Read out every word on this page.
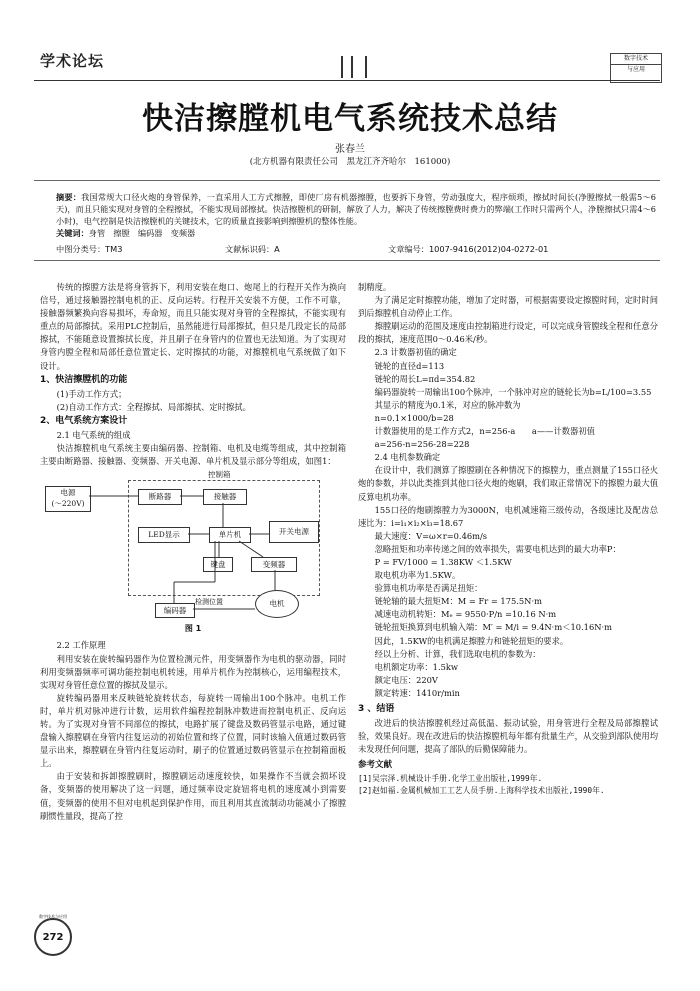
学术论坛	数字技术
与应用
快洁擦膛机电气系统技术总结
张春兰
(北方机器有限责任公司　黑龙江齐齐哈尔　161000)
摘要：我国常规大口径火炮的身管保养，一直采用人工方式擦膛，即使厂房有机器擦膛，也要拆下身管，劳动强度大，程序烦琐，擦拭时间长(净膛擦拭一般需5～6天)，而且只能实现对身管的全程擦拭，不能实现局部擦拭。快洁擦膛机的研制，解放了人力，解决了传统擦膛费时费力的弊端(工作时只需两个人，净膛擦拭只需4～6小时)，电气控制是快洁擦膛机的关键技术，它的质量直接影响到擦膛机的整体性能。
关键词：身管　擦膛　编码器　变频器
中图分类号：TM3	文献标识码：A	文章编号：1007-9416(2012)04-0272-01

传统的擦膛方法是将身管拆下，利用安装在炮口、炮尾上的行程开关作为换向信号，通过接触器控制电机的正、反向运转。行程开关安装不方便，工作不可靠，接触器频繁换向容易损坏，寿命短，而且只能实现对身管的全程擦拭，不能实现有重点的局部擦拭。采用PLC控制后，虽然能进行局部擦拭，但只是几段定长的局部擦拭，不能随意设置擦拭长度，并且刷子在身管内的位置也无法知道。为了实现对身管内膛全程和局部任意位置定长、定时擦拭的功能，对擦膛机电气系统做了如下设计。

1、快洁擦膛机的功能

(1)手动工作方式；

(2)自动工作方式：全程擦拭、局部擦拭、定时擦拭。

2、电气系统方案设计

2.1 电气系统的组成

快洁擦膛机电气系统主要由编码器、控制箱、电机及电缆等组成，其中控制箱主要由断路器、接触器、变频器、开关电源、单片机及显示部分等组成，如图1：

控制箱
电源
(～220V)
断路器	接触器
LED显示	单片机	开关电源
键盘	变频器
编码器
检测位置	电机
图 1

2.2 工作原理

利用安装在旋转编码器作为位置检测元件，用变频器作为电机的驱动器，同时利用变频器频率可调功能控制电机转速，用单片机作为控制核心，运用编程技术，实现对身管任意位置的擦拭及显示。

旋转编码器用来反映链轮旋转状态，每旋转一周输出100个脉冲。电机工作时，单片机对脉冲进行计数，运用软件编程控制脉冲数进而控制电机正、反向运转。为了实现对身管不同部位的擦拭，电路扩展了键盘及数码管显示电路，通过键盘输入擦膛刷在身管内往复运动的初始位置和终了位置，同时该输入值通过数码管显示出来，擦膛刷在身管内往复运动时，刷子的位置通过数码管显示在控制箱面板上。

由于安装和拆卸擦膛刷时，擦膛刷运动速度较快，如果操作不当就会损坏设备，变频器的使用解决了这一问题，通过频率设定旋钮将电机的速度减小到需要值，变频器的使用不但对电机起到保护作用，而且利用其直流制动功能减小了擦膛刷惯性量段，提高了控

制精度。

为了满足定时擦膛功能，增加了定时器，可根据需要设定擦膛时间，定时时间到后擦膛机自动停止工作。

擦膛刷运动的范围及速度由控制箱进行设定，可以完成身管膛线全程和任意分段的擦拭，速度范围0～0.46米/秒。

2.3 计数器初值的确定

链轮的直径d=113

链轮的周长L=πd=354.82

编码器旋转一周输出100个脉冲，一个脉冲对应的链轮长为b=L/100=3.55

其显示的精度为0.1米，对应的脉冲数为

n=0.1×1000/b=28

计数器使用的是工作方式2，n=256-a　　a——计数器初值

a=256-n=256-28=228

2.4 电机参数确定

在设计中，我们测算了擦膛刷在各种情况下的擦膛力，重点测量了155口径火炮的参数，并以此类推到其他口径火炮的炮刷，我们取正常情况下的擦膛力最大值反算电机功率。

155口径的炮刷擦膛力为3000N，电机减速箱三级传动，各级速比及配齿总速比为：i=i₁×i₂×i₃=18.67

最大速度：V=ω×r=0.46m/s

忽略扭矩和功率传递之间的效率损失，需要电机达到的最大功率P：

P = FV/1000 = 1.38KW ＜1.5KW

取电机功率为1.5KW。

验算电机功率是否满足扭矩：

链轮轴的最大扭矩M：M = Fr = 175.5N·m

减速电动机转矩：Mₑ = 9550·P/n =10.16 N·m

链轮扭矩换算到电机输入端：M′ = M/i = 9.4N·m＜10.16N·m

因此，1.5KW的电机满足擦膛力和链轮扭矩的要求。

经以上分析、计算，我们选取电机的参数为：

电机额定功率：1.5kw

额定电压：220V

额定转速：1410r/min

3 、结语

改进后的快洁擦膛机经过高低温、振动试验，用身管进行全程及局部擦膛试验，效果良好。现在改进后的快洁擦膛机每年都有批量生产，从交验到部队使用均未发现任何问题，提高了部队的后勤保障能力。

参考文献
[1]吴宗泽.机械设计手册.化学工业出版社,1999年.
[2]赵如福.金属机械加工工艺人员手册.上海科学技术出版社,1990年.
数字技术与应用
272
